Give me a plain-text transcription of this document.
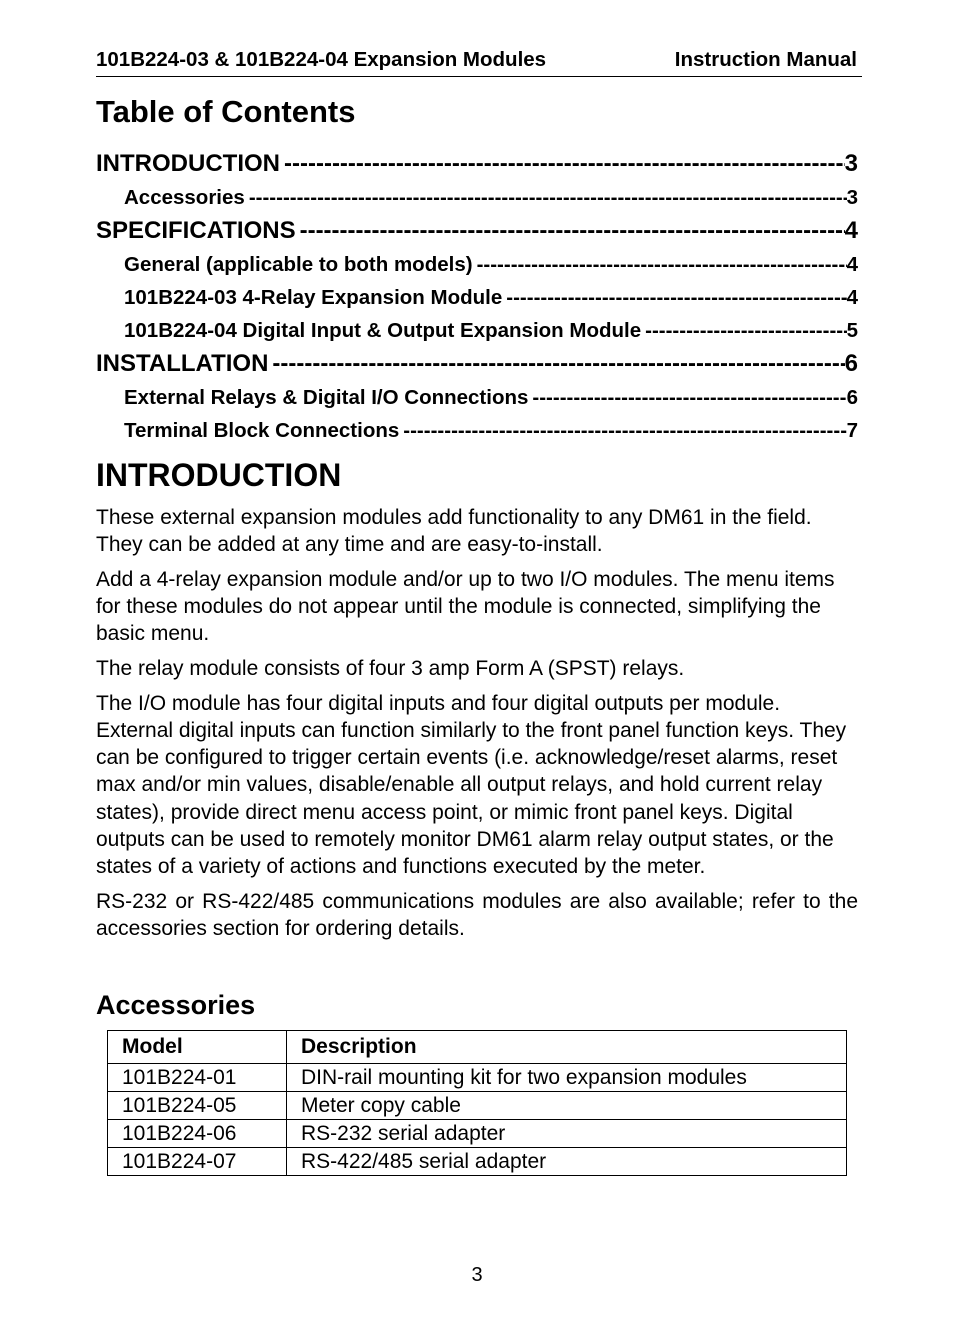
101B224-03 & 101B224-04 Expansion Modules	Instruction Manual
Table of Contents
INTRODUCTION -----	3
Accessories -----	3
SPECIFICATIONS -----	4
General (applicable to both models) -----	4
101B224-03 4-Relay Expansion Module -----	4
101B224-04 Digital Input & Output Expansion Module -----	5
INSTALLATION -----	6
External Relays & Digital I/O Connections -----	6
Terminal Block Connections -----	7
INTRODUCTION

These external expansion modules add functionality to any DM61 in the field. They can be added at any time and are easy-to-install.

Add a 4-relay expansion module and/or up to two I/O modules. The menu items for these modules do not appear until the module is connected, simplifying the basic menu.

The relay module consists of four 3 amp Form A (SPST) relays.

The I/O module has four digital inputs and four digital outputs per module. External digital inputs can function similarly to the front panel function keys. They can be configured to trigger certain events (i.e. acknowledge/reset alarms, reset max and/or min values, disable/enable all output relays, and hold current relay states), provide direct menu access point, or mimic front panel keys. Digital outputs can be used to remotely monitor DM61 alarm relay output states, or the states of a variety of actions and functions executed by the meter.

RS-232 or RS-422/485 communications modules are also available; refer to the accessories section for ordering details.

Accessories
Model	Description
101B224-01	DIN-rail mounting kit for two expansion modules
101B224-05	Meter copy cable
101B224-06	RS-232 serial adapter
101B224-07	RS-422/485 serial adapter
3
